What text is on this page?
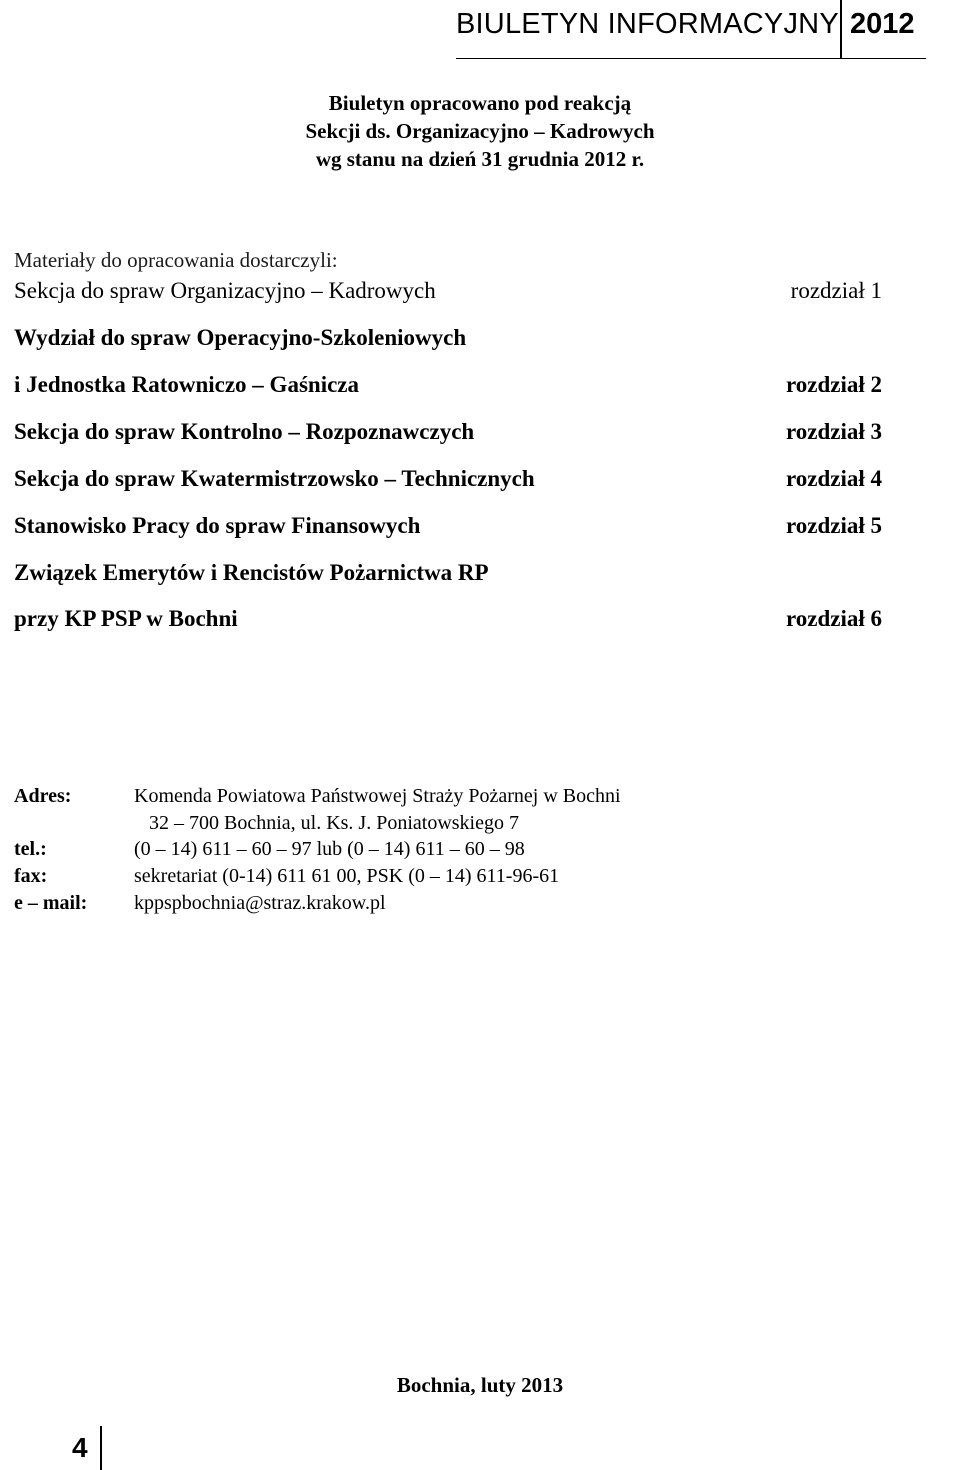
BIULETYN INFORMACYJNY 2012
Biuletyn opracowano pod reakcją
Sekcji ds. Organizacyjno – Kadrowych
wg stanu na dzień 31 grudnia 2012 r.
Materiały do opracowania dostarczyli:
Sekcja do spraw Organizacyjno – Kadrowych	rozdział 1
Wydział do spraw Operacyjno-Szkoleniowych
i Jednostka Ratowniczo – Gaśnicza	rozdział 2
Sekcja do spraw Kontrolno – Rozpoznawczych	rozdział 3
Sekcja do spraw Kwatermistrzowsko – Technicznych	rozdział 4
Stanowisko Pracy do spraw Finansowych	rozdział 5
Związek Emerytów i Rencistów Pożarnictwa RP
przy KP PSP w Bochni	rozdział 6
Adres:	Komenda Powiatowa Państwowej Straży Pożarnej w Bochni
32 – 700 Bochnia, ul. Ks. J. Poniatowskiego 7
tel.:	(0 – 14) 611 – 60 – 97 lub (0 – 14) 611 – 60 – 98
fax:	sekretariat (0-14) 611 61 00, PSK (0 – 14) 611-96-61
e – mail: kppspbochnia@straz.krakow.pl
Bochnia, luty 2013
4
